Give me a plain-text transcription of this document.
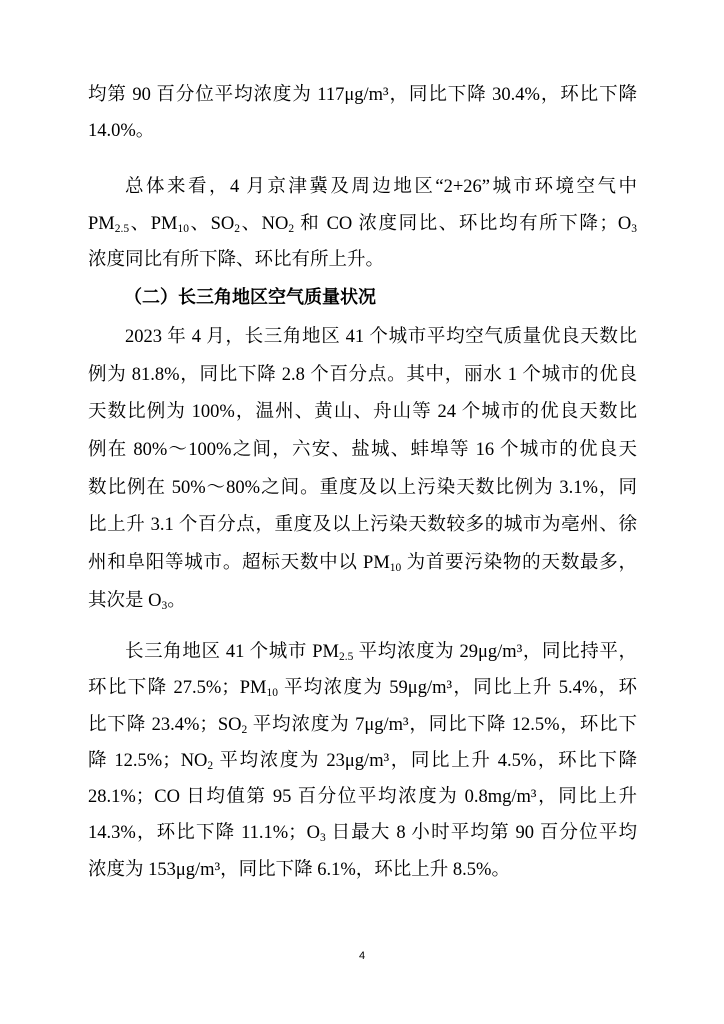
均第 90 百分位平均浓度为 117μg/m³，同比下降 30.4%，环比下降
14.0%。
总体来看，4 月京津冀及周边地区“2+26”城市环境空气中
$PM_{2.5}$、$PM_{10}$、$SO_2$、$NO_2$ 和 CO 浓度同比、环比均有所下降；$O_3$
浓度同比有所下降、环比有所上升。
（二）长三角地区空气质量状况
2023 年 4 月，长三角地区 41 个城市平均空气质量优良天数比
例为 81.8%，同比下降 2.8 个百分点。其中，丽水 1 个城市的优良
天数比例为 100%，温州、黄山、舟山等 24 个城市的优良天数比
例在 80%～100%之间，六安、盐城、蚌埠等 16 个城市的优良天
数比例在 50%～80%之间。重度及以上污染天数比例为 3.1%，同
比上升 3.1 个百分点，重度及以上污染天数较多的城市为亳州、徐
州和阜阳等城市。超标天数中以 $PM_{10}$ 为首要污染物的天数最多，
其次是 $O_3$。
长三角地区 41 个城市 $PM_{2.5}$ 平均浓度为 29μg/m³，同比持平，
环比下降 27.5%；$PM_{10}$ 平均浓度为 59μg/m³，同比上升 5.4%，环
比下降 23.4%；$SO_2$ 平均浓度为 7μg/m³，同比下降 12.5%，环比下
降 12.5%；$NO_2$ 平均浓度为 23μg/m³，同比上升 4.5%，环比下降
28.1%；CO 日均值第 95 百分位平均浓度为 0.8mg/m³，同比上升
14.3%，环比下降 11.1%；$O_3$ 日最大 8 小时平均第 90 百分位平均
浓度为 153μg/m³，同比下降 6.1%，环比上升 8.5%。
4
